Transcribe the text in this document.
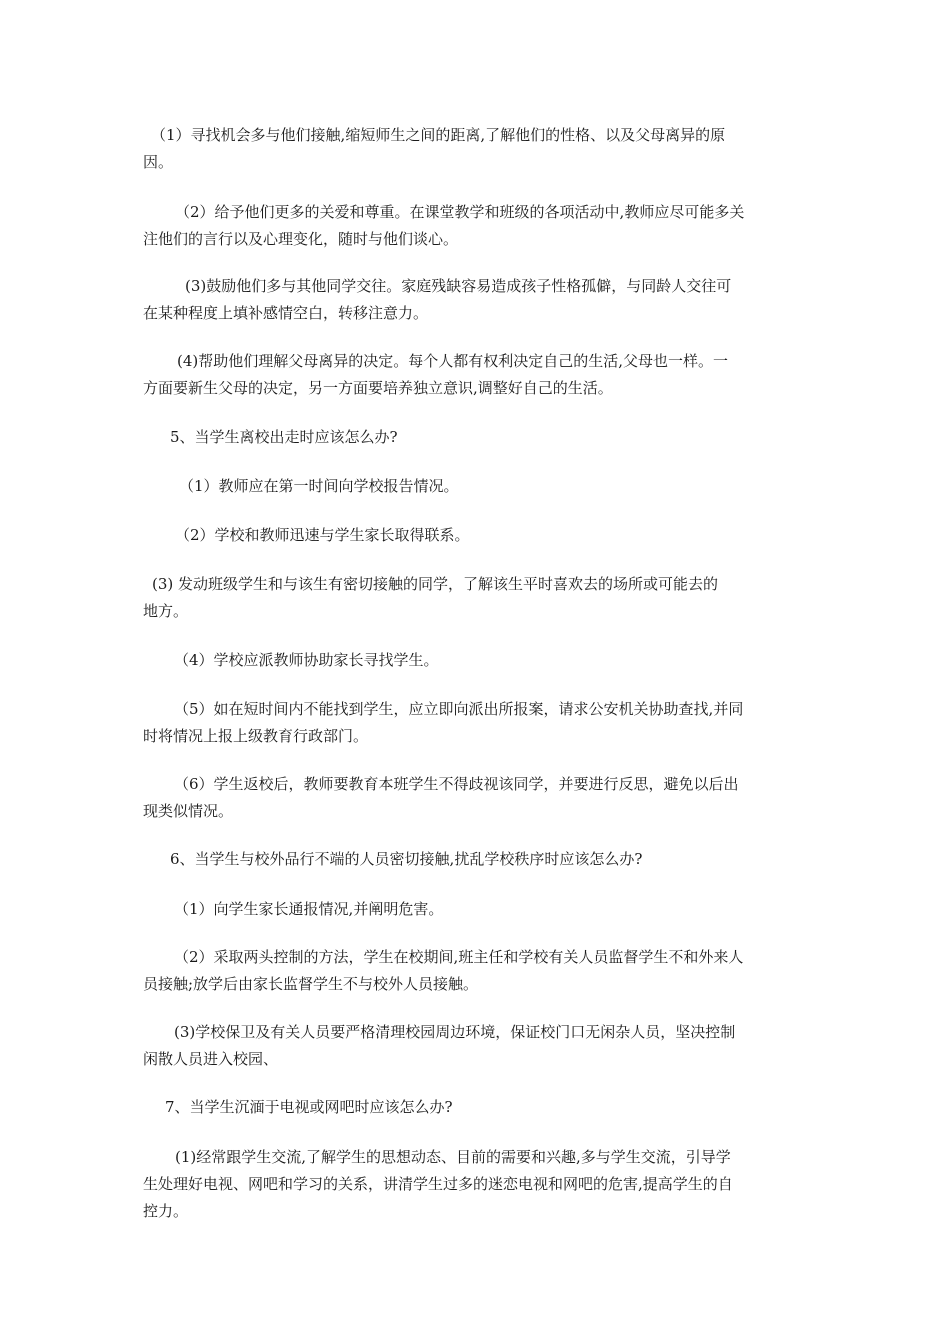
（1）寻找机会多与他们接触,缩短师生之间的距离,了解他们的性格、以及父母离异的原
因。
（2）给予他们更多的关爱和尊重。在课堂教学和班级的各项活动中,教师应尽可能多关
注他们的言行以及心理变化，随时与他们谈心。
(3)鼓励他们多与其他同学交往。家庭残缺容易造成孩子性格孤僻，与同龄人交往可
在某种程度上填补感情空白，转移注意力。
(4)帮助他们理解父母离异的决定。每个人都有权利决定自己的生活,父母也一样。一
方面要新生父母的决定，另一方面要培养独立意识,调整好自己的生活。
5、当学生离校出走时应该怎么办?
（1）教师应在第一时间向学校报告情况。
（2）学校和教师迅速与学生家长取得联系。
(3) 发动班级学生和与该生有密切接触的同学，了解该生平时喜欢去的场所或可能去的
地方。
（4）学校应派教师协助家长寻找学生。
（5）如在短时间内不能找到学生，应立即向派出所报案，请求公安机关协助查找,并同
时将情况上报上级教育行政部门。
（6）学生返校后，教师要教育本班学生不得歧视该同学，并要进行反思，避免以后出
现类似情况。
6、当学生与校外品行不端的人员密切接触,扰乱学校秩序时应该怎么办?
（1）向学生家长通报情况,并阐明危害。
（2）采取两头控制的方法，学生在校期间,班主任和学校有关人员监督学生不和外来人
员接触;放学后由家长监督学生不与校外人员接触。
(3)学校保卫及有关人员要严格清理校园周边环境，保证校门口无闲杂人员，坚决控制
闲散人员进入校园、
7、当学生沉湎于电视或网吧时应该怎么办?
(1)经常跟学生交流,了解学生的思想动态、目前的需要和兴趣,多与学生交流，引导学
生处理好电视、网吧和学习的关系，讲清学生过多的迷恋电视和网吧的危害,提高学生的自
控力。
